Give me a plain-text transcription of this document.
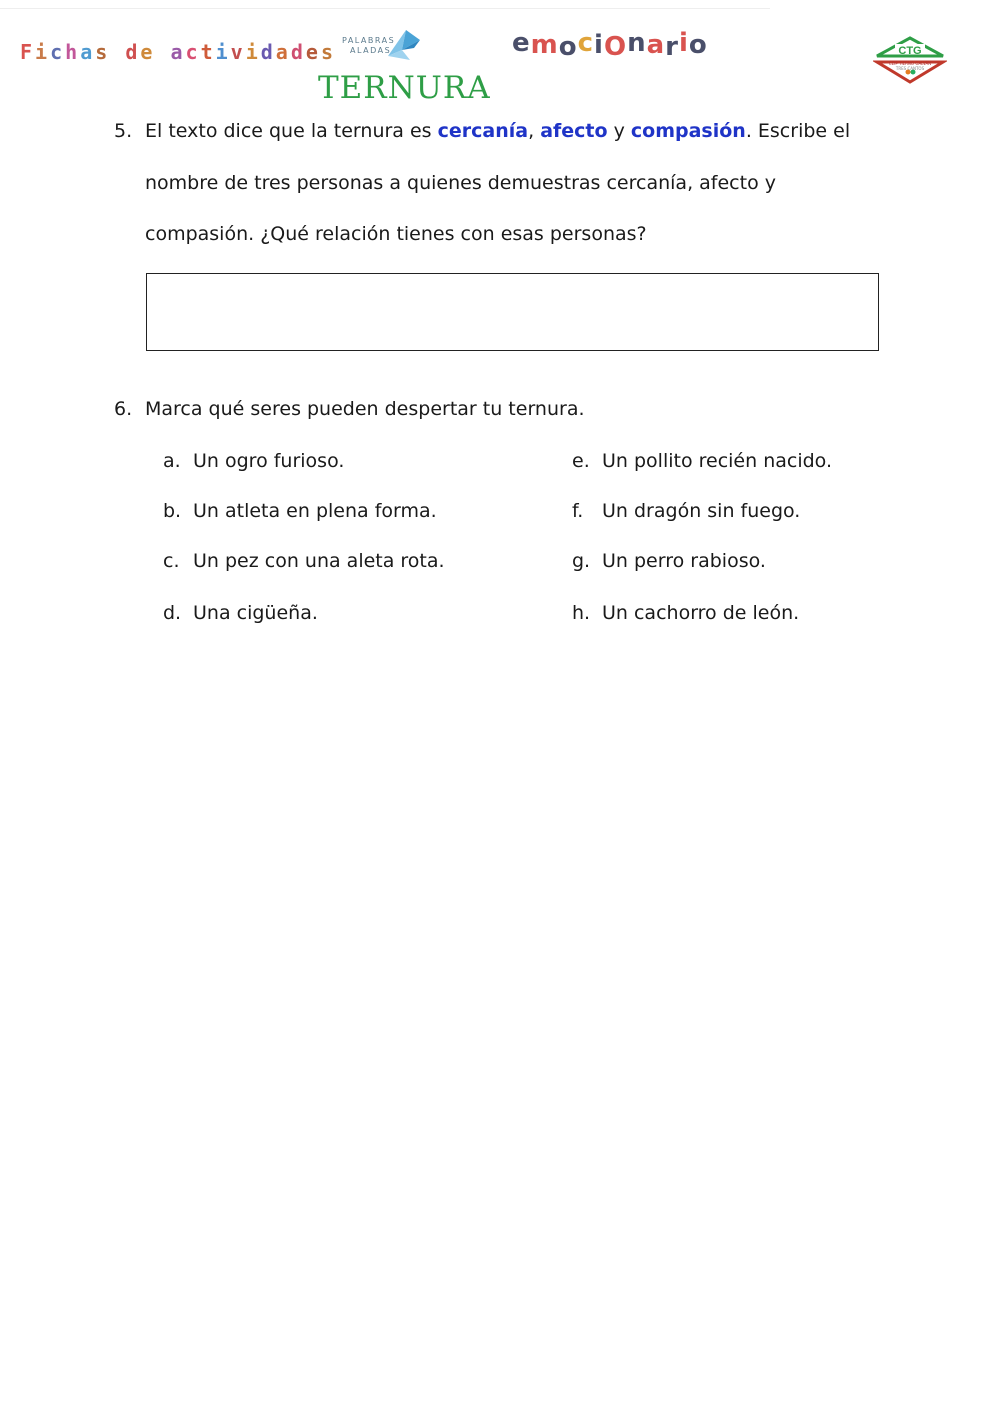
Fichas de actividades PALABRAS
ALADAS
TERNURA
emociOnario	CTG
CEIP TIERNO GALVÁN
TRES CANTOS
5. El texto dice que la ternura es cercanía, afecto y compasión. Escribe el
nombre de tres personas a quienes demuestras cercanía, afecto y
compasión. ¿Qué relación tienes con esas personas?
6. Marca qué seres pueden despertar tu ternura.
a. Un ogro furioso.
b. Un atleta en plena forma.
c. Un pez con una aleta rota.
d. Una cigüeña.
e. Un pollito recién nacido.
f. Un dragón sin fuego.
g. Un perro rabioso.
h. Un cachorro de león.
